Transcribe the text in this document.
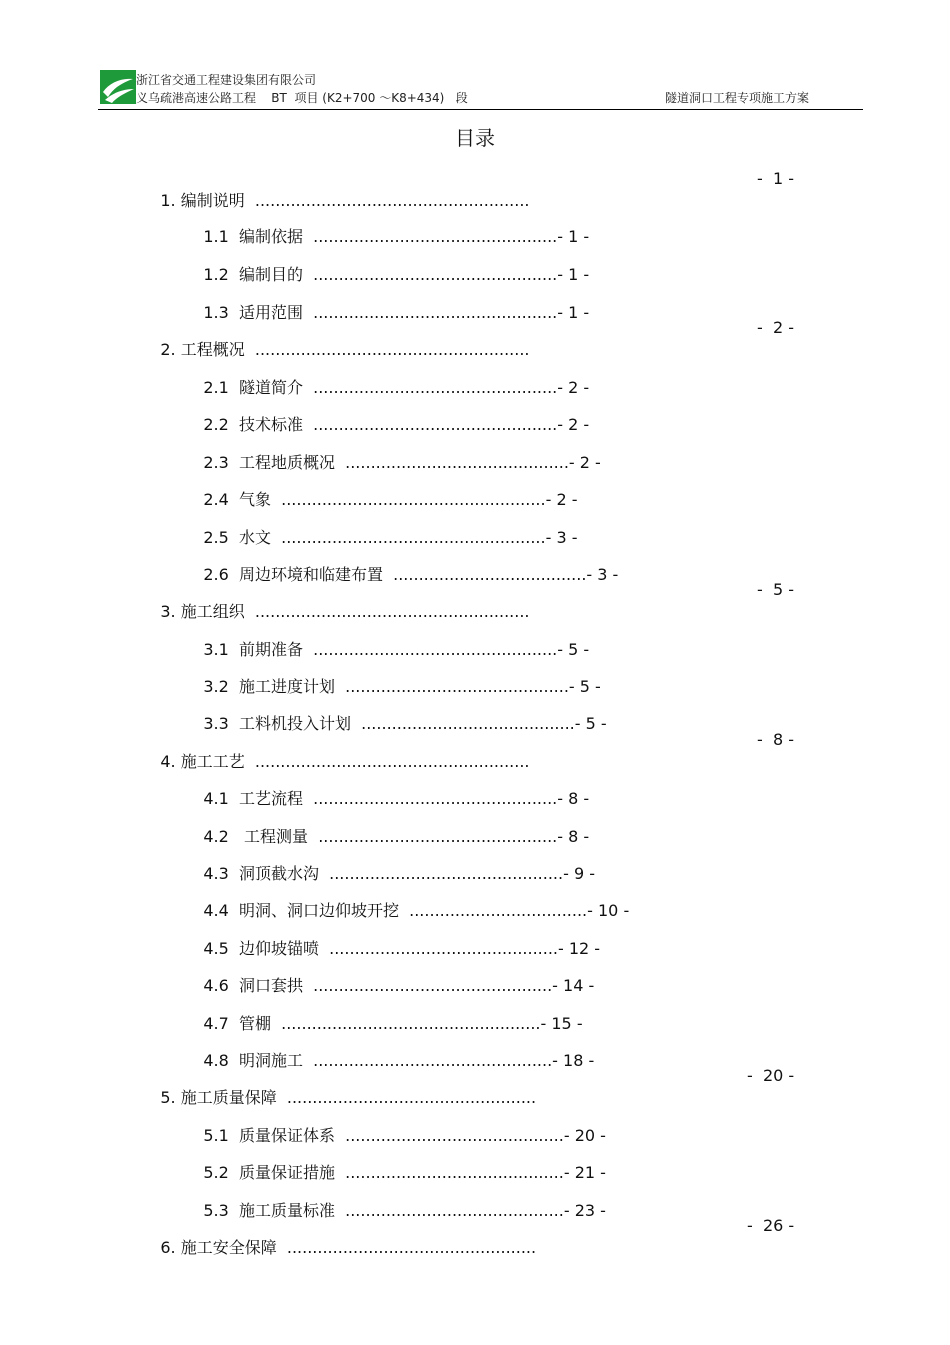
浙江省交通工程建设集团有限公司
义乌疏港高速公路工程    BT  项目 (K2+700 ～K8+434)   段	隧道洞口工程专项施工方案
目录

1. 编制说明  ......................................................
-  1 -

1.1  编制依据  ................................................- 1 -

1.2  编制目的  ................................................- 1 -

1.3  适用范围  ................................................- 1 -

2. 工程概况  ......................................................
-  2 -

2.1  隧道简介  ................................................- 2 -

2.2  技术标准  ................................................- 2 -

2.3  工程地质概况  ............................................- 2 -

2.4  气象  ....................................................- 2 -

2.5  水文  ....................................................- 3 -

2.6  周边环境和临建布置  ......................................- 3 -

3. 施工组织  ......................................................
-  5 -

3.1  前期准备  ................................................- 5 -

3.2  施工进度计划  ............................................- 5 -

3.3  工料机投入计划  ..........................................- 5 -

4. 施工工艺  ......................................................
-  8 -

4.1  工艺流程  ................................................- 8 -

4.2   工程测量  ...............................................- 8 -

4.3  洞顶截水沟  ..............................................- 9 -

4.4  明洞、洞口边仰坡开挖  ...................................- 10 -

4.5  边仰坡锚喷  .............................................- 12 -

4.6  洞口套拱  ...............................................- 14 -

4.7  管棚  ...................................................- 15 -

4.8  明洞施工  ...............................................- 18 -

5. 施工质量保障  .................................................
-  20 -

5.1  质量保证体系  ...........................................- 20 -

5.2  质量保证措施  ...........................................- 21 -

5.3  施工质量标准  ...........................................- 23 -

6. 施工安全保障  .................................................
-  26 -
